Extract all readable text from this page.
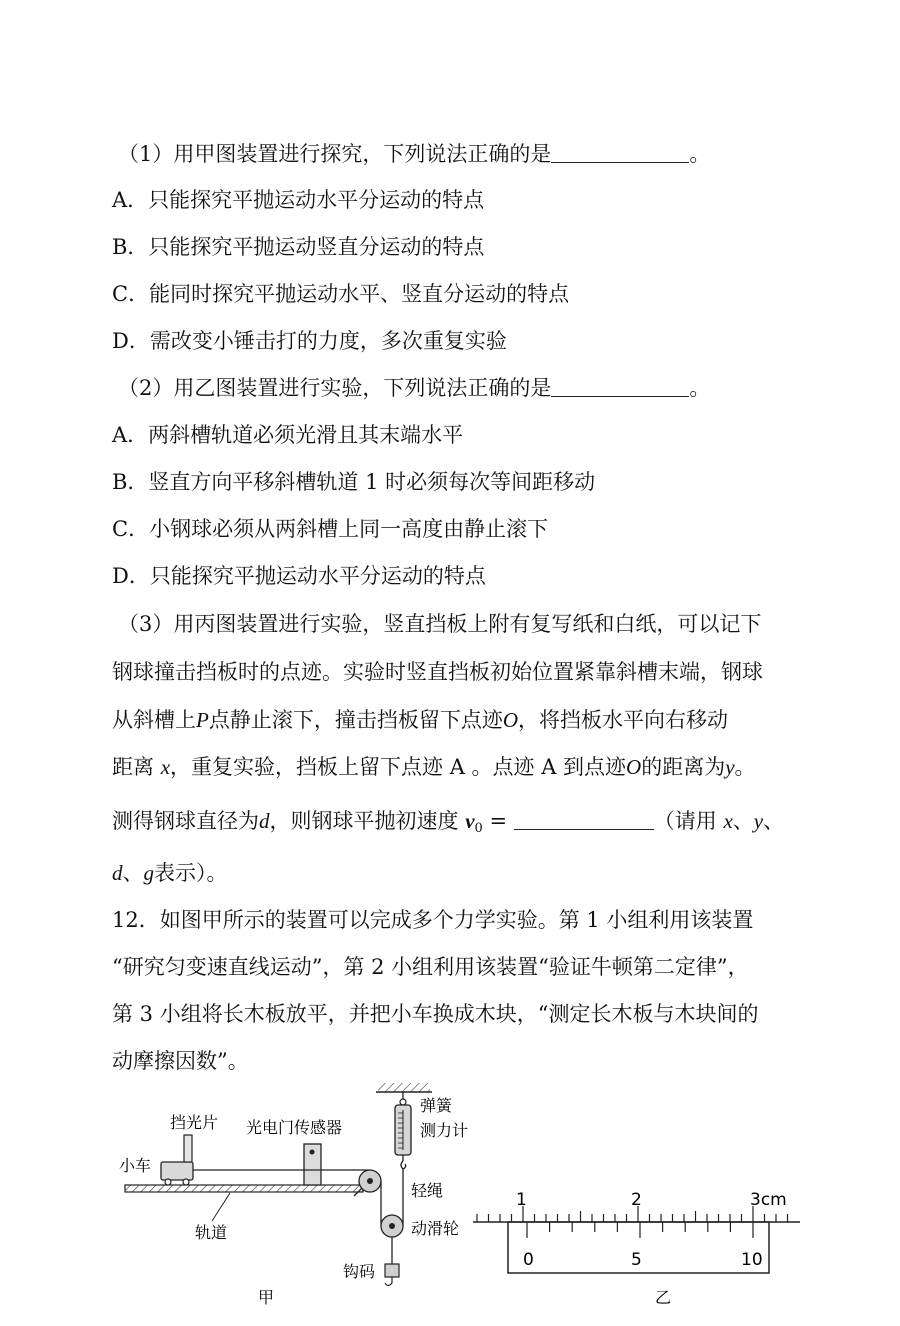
（1）用甲图装置进行探究，下列说法正确的是	。
A．只能探究平抛运动水平分运动的特点
B．只能探究平抛运动竖直分运动的特点
C．能同时探究平抛运动水平、竖直分运动的特点
D．需改变小锤击打的力度，多次重复实验
（2）用乙图装置进行实验，下列说法正确的是	。
A．两斜槽轨道必须光滑且其末端水平
B．竖直方向平移斜槽轨道 1 时必须每次等间距移动
C．小钢球必须从两斜槽上同一高度由静止滚下
D．只能探究平抛运动水平分运动的特点
（3）用丙图装置进行实验，竖直挡板上附有复写纸和白纸，可以记下
钢球撞击挡板时的点迹。实验时竖直挡板初始位置紧靠斜槽末端，钢球
从斜槽上P点静止滚下，撞击挡板留下点迹O，将挡板水平向右移动
距离 x，重复实验，挡板上留下点迹 A 。点迹 A 到点迹O的距离为y。
测得钢球直径为d，则钢球平抛初速度 $v_0$ =	（请用 x、y、
d、g表示）。
12．如图甲所示的装置可以完成多个力学实验。第 1 小组利用该装置
“研究匀变速直线运动”，第 2 小组利用该装置“验证牛顿第二定律”，
第 3 小组将长木板放平，并把小车换成木块，“测定长木板与木块间的
动摩擦因数”。
挡光片 光电门传感器
小车
轨道
弹簧
测力计
轻绳
动滑轮
钩码
甲
1	2	3cm
0	5	10
乙
